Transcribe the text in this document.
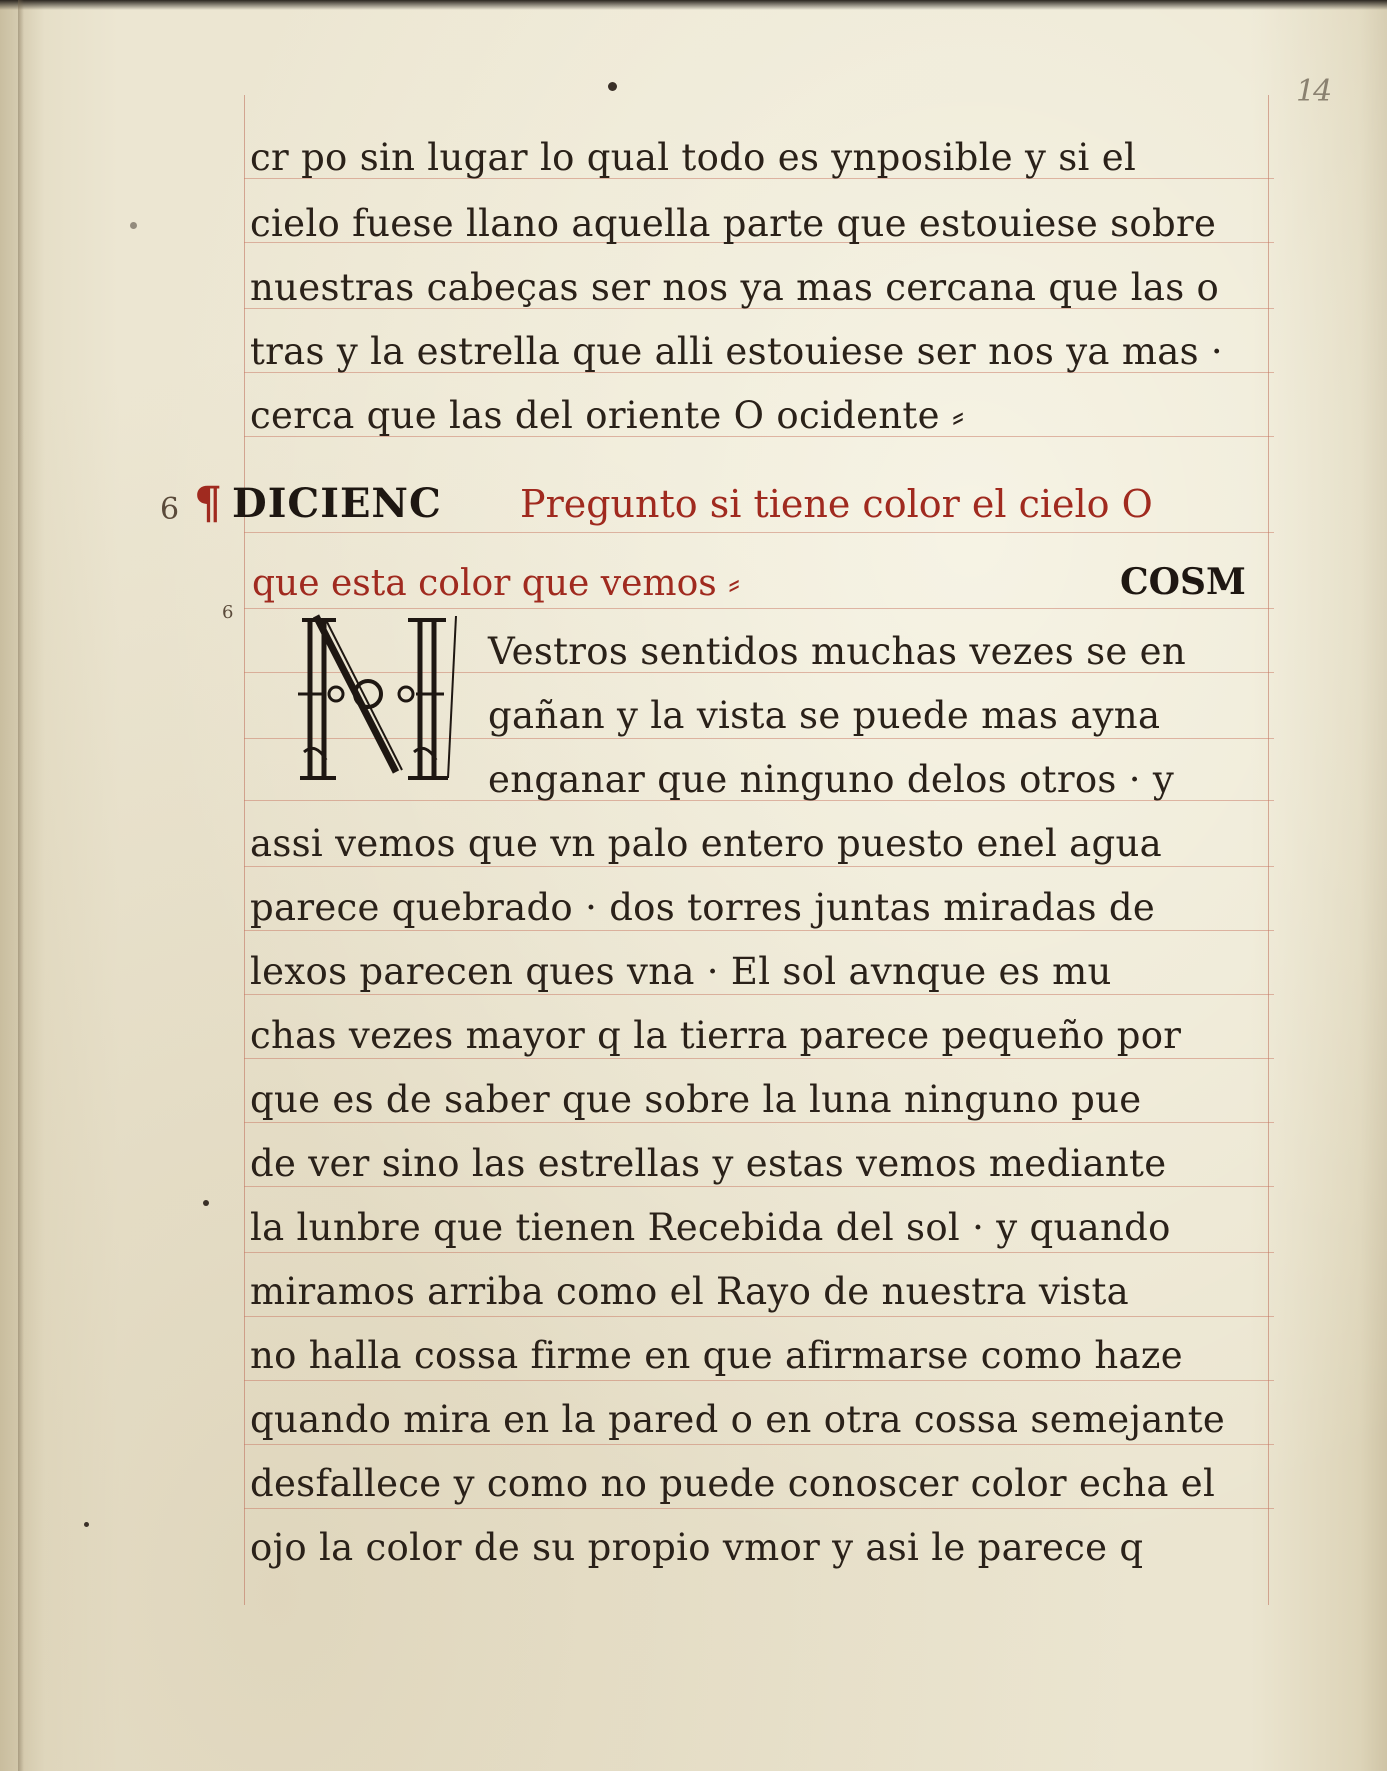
14
cr po sin lugar lo qual todo es ynposible y si el
cielo fuese llano aquella parte que estouiese sobre
nuestras cabeças ser nos ya mas cercana que las o
tras y la estrella que alli estouiese ser nos ya mas ·
cerca que las del oriente O ocidente ⸗
6
6
¶ DICIENC Pregunto si tiene color el cielo O
que esta color que vemos ⸗	COSM
Vestros sentidos muchas vezes se en
gañan y la vista se puede mas ayna
enganar que ninguno delos otros · y
assi vemos que vn palo entero puesto enel agua
parece quebrado · dos torres juntas miradas de
lexos parecen ques vna · El sol avnque es mu
chas vezes mayor q la tierra parece pequeño por
que es de saber que sobre la luna ninguno pue
de ver sino las estrellas y estas vemos mediante
la lunbre que tienen Recebida del sol · y quando
miramos arriba como el Rayo de nuestra vista
no halla cossa firme en que afirmarse como haze
quando mira en la pared o en otra cossa semejante
desfallece y como no puede conoscer color echa el
ojo la color de su propio vmor y asi le parece q
